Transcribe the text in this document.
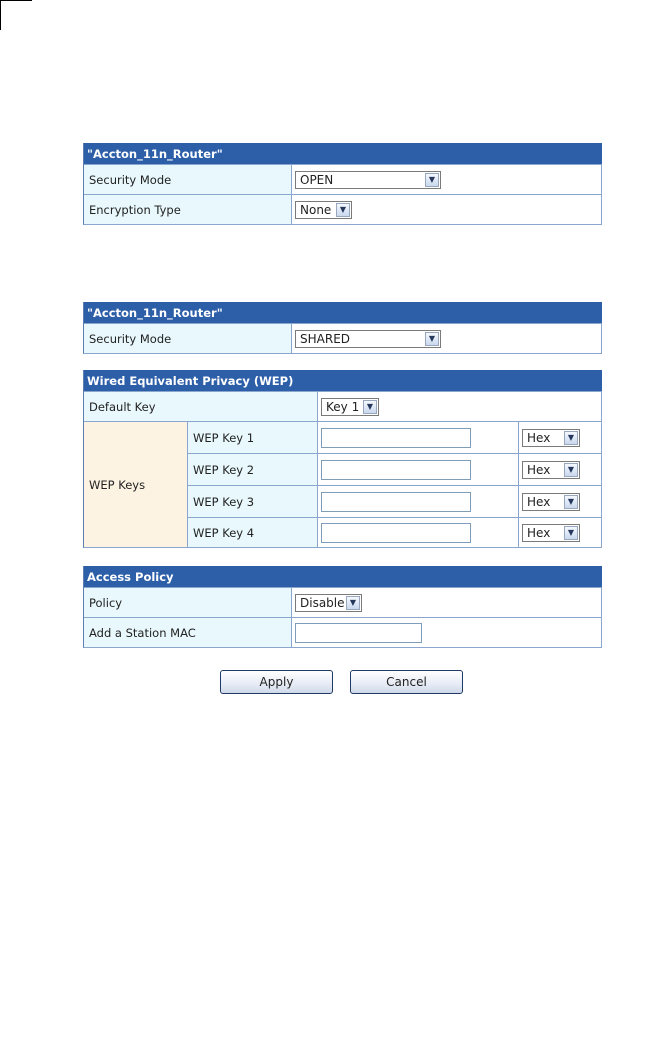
"Accton_11n_Router"	
Security Mode	OPEN ▼

Encryption Type	None ▼
"Accton_11n_Router"
Security Mode	SHARED	▼
Wired Equivalent Privacy (WEP)			
Default Key		Key 1 ▼	

WEP Keys	WEP Key 1		Hex ▼

	WEP Key 2		Hex ▼

	WEP Key 3		Hex ▼

	WEP Key 4		Hex ▼
Access Policy	
Policy	Disable ▼

Add a Station MAC	
Apply	Cancel
